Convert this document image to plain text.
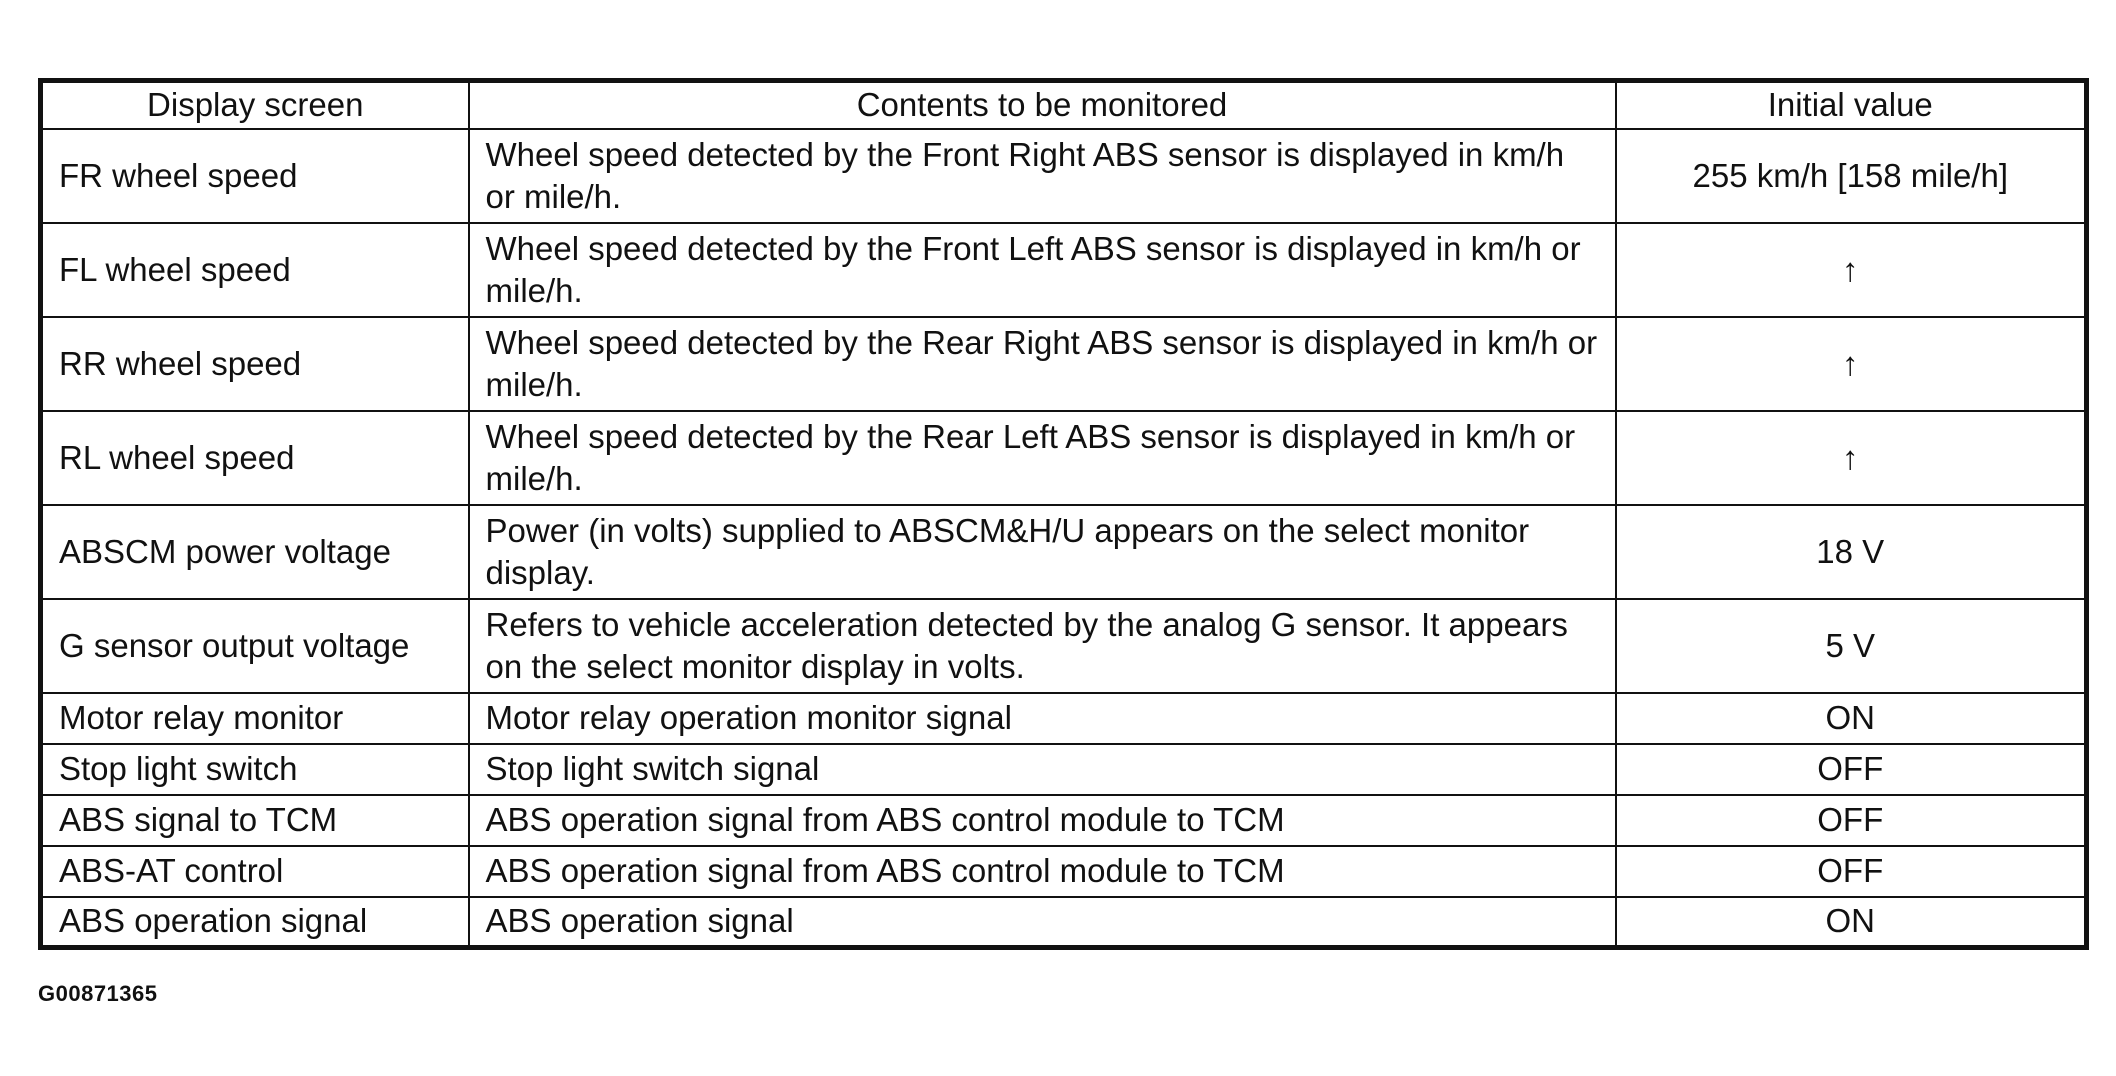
Display screen	Contents to be monitored	Initial value
FR wheel speed	Wheel speed detected by the Front Right ABS sensor is displayed in km/h or mile/h.	255 km/h [158 mile/h]
FL wheel speed	Wheel speed detected by the Front Left ABS sensor is displayed in km/h or mile/h.	↑
RR wheel speed	Wheel speed detected by the Rear Right ABS sensor is displayed in km/h or mile/h.	↑
RL wheel speed	Wheel speed detected by the Rear Left ABS sensor is displayed in km/h or mile/h.	↑
ABSCM power voltage	Power (in volts) supplied to ABSCM&H/U appears on the select monitor display.	18 V
G sensor output voltage	Refers to vehicle acceleration detected by the analog G sensor. It appears on the select monitor display in volts.	5 V
Motor relay monitor	Motor relay operation monitor signal	ON
Stop light switch	Stop light switch signal	OFF
ABS signal to TCM	ABS operation signal from ABS control module to TCM	OFF
ABS-AT control	ABS operation signal from ABS control module to TCM	OFF
ABS operation signal	ABS operation signal	ON
G00871365
